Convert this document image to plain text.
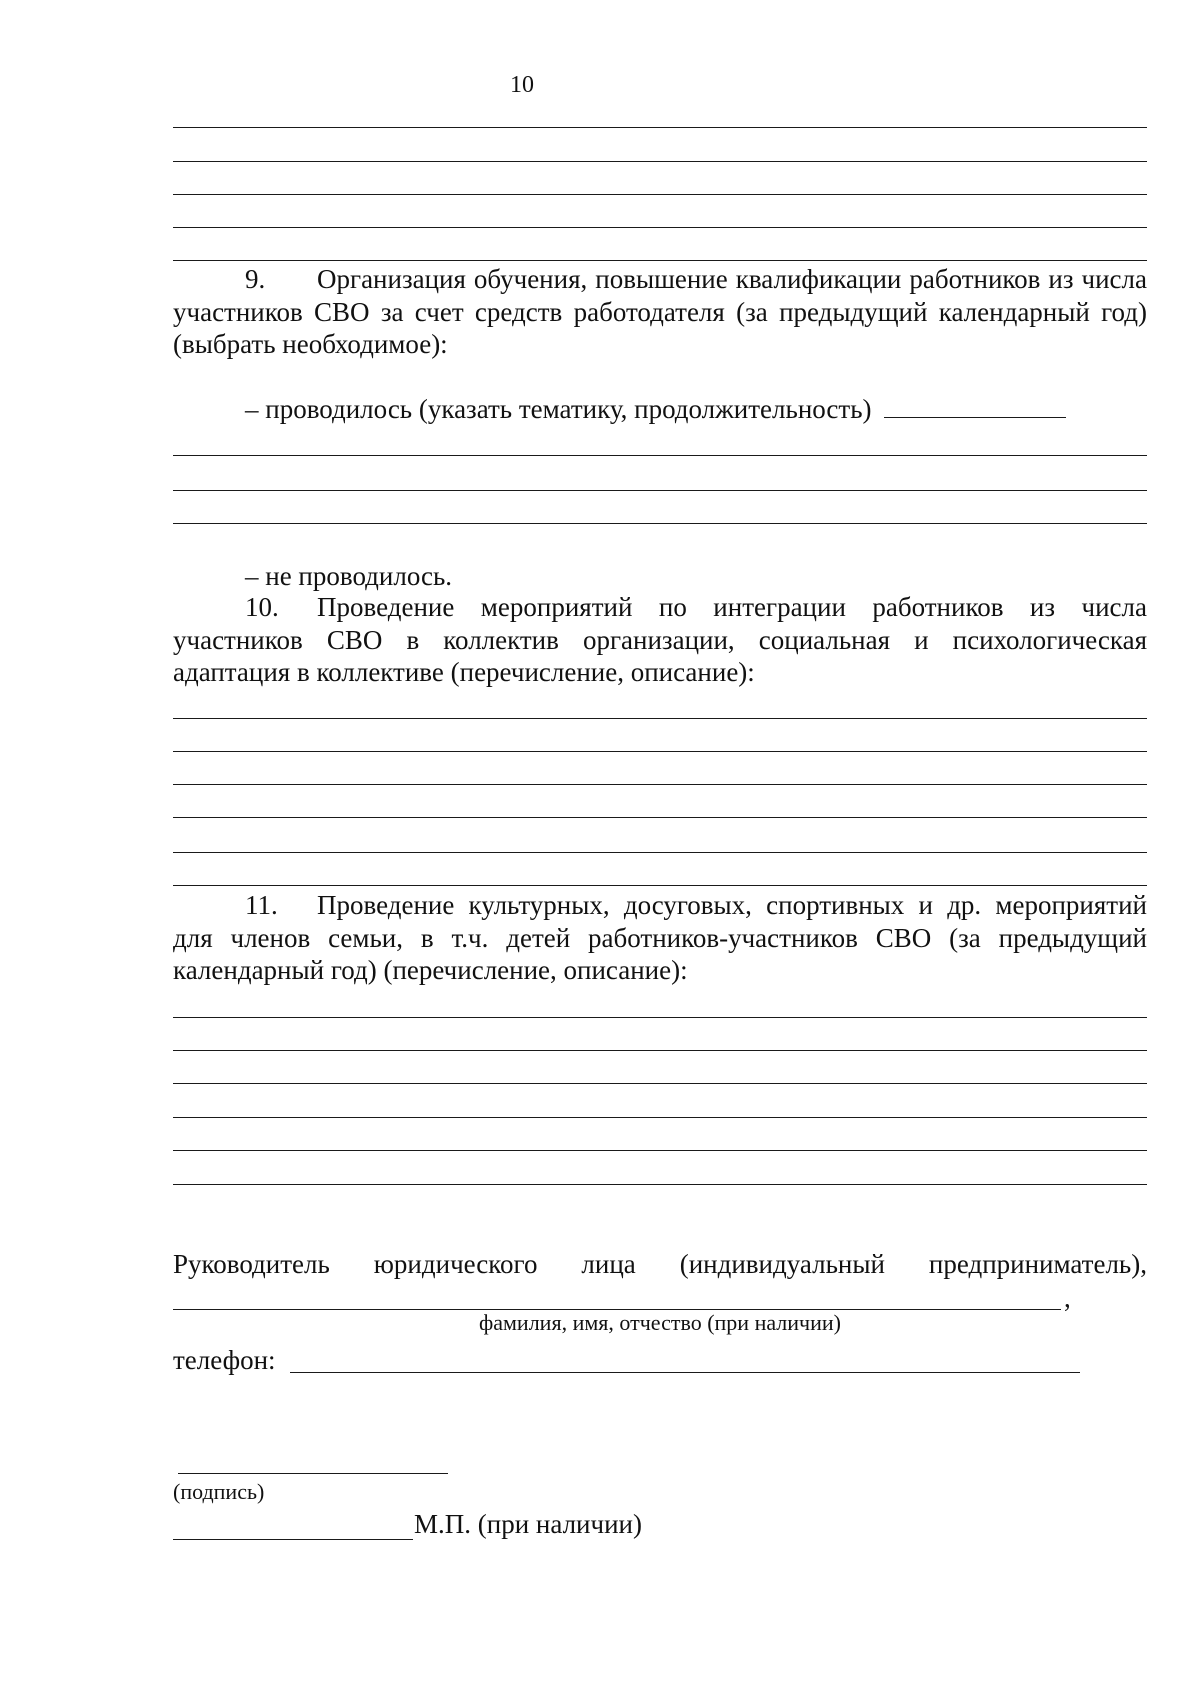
10
9. Организация обучения, повышение квалификации работников из числа участников СВО за счет средств работодателя (за предыдущий календарный год) (выбрать необходимое):
– проводилось (указать тематику, продолжительность)
– не проводилось.
10. Проведение мероприятий по интеграции работников из числа участников СВО в коллектив организации, социальная и психологическая адаптация в коллективе (перечисление, описание):
11. Проведение культурных, досуговых, спортивных и др. мероприятий для членов семьи, в т.ч. детей работников-участников СВО (за предыдущий календарный год) (перечисление, описание):
Руководитель юридического лица (индивидуальный предприниматель),
,
фамилия, имя, отчество (при наличии)
телефон:
(подпись)
М.П. (при наличии)
